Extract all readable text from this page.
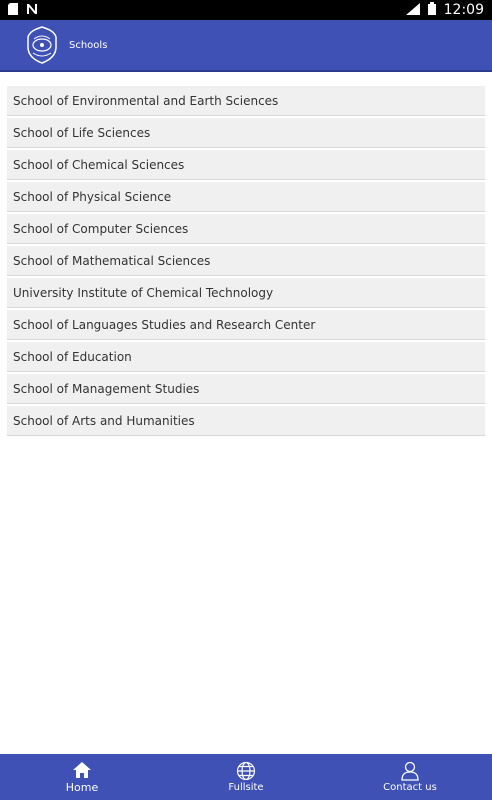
12:09
Schools
School of Environmental and Earth Sciences
School of Life Sciences
School of Chemical Sciences
School of Physical Science
School of Computer Sciences
School of Mathematical Sciences
University Institute of Chemical Technology
School of Languages Studies and Research Center
School of Education
School of Management Studies
School of Arts and Humanities
Home	Fullsite	Contact us
